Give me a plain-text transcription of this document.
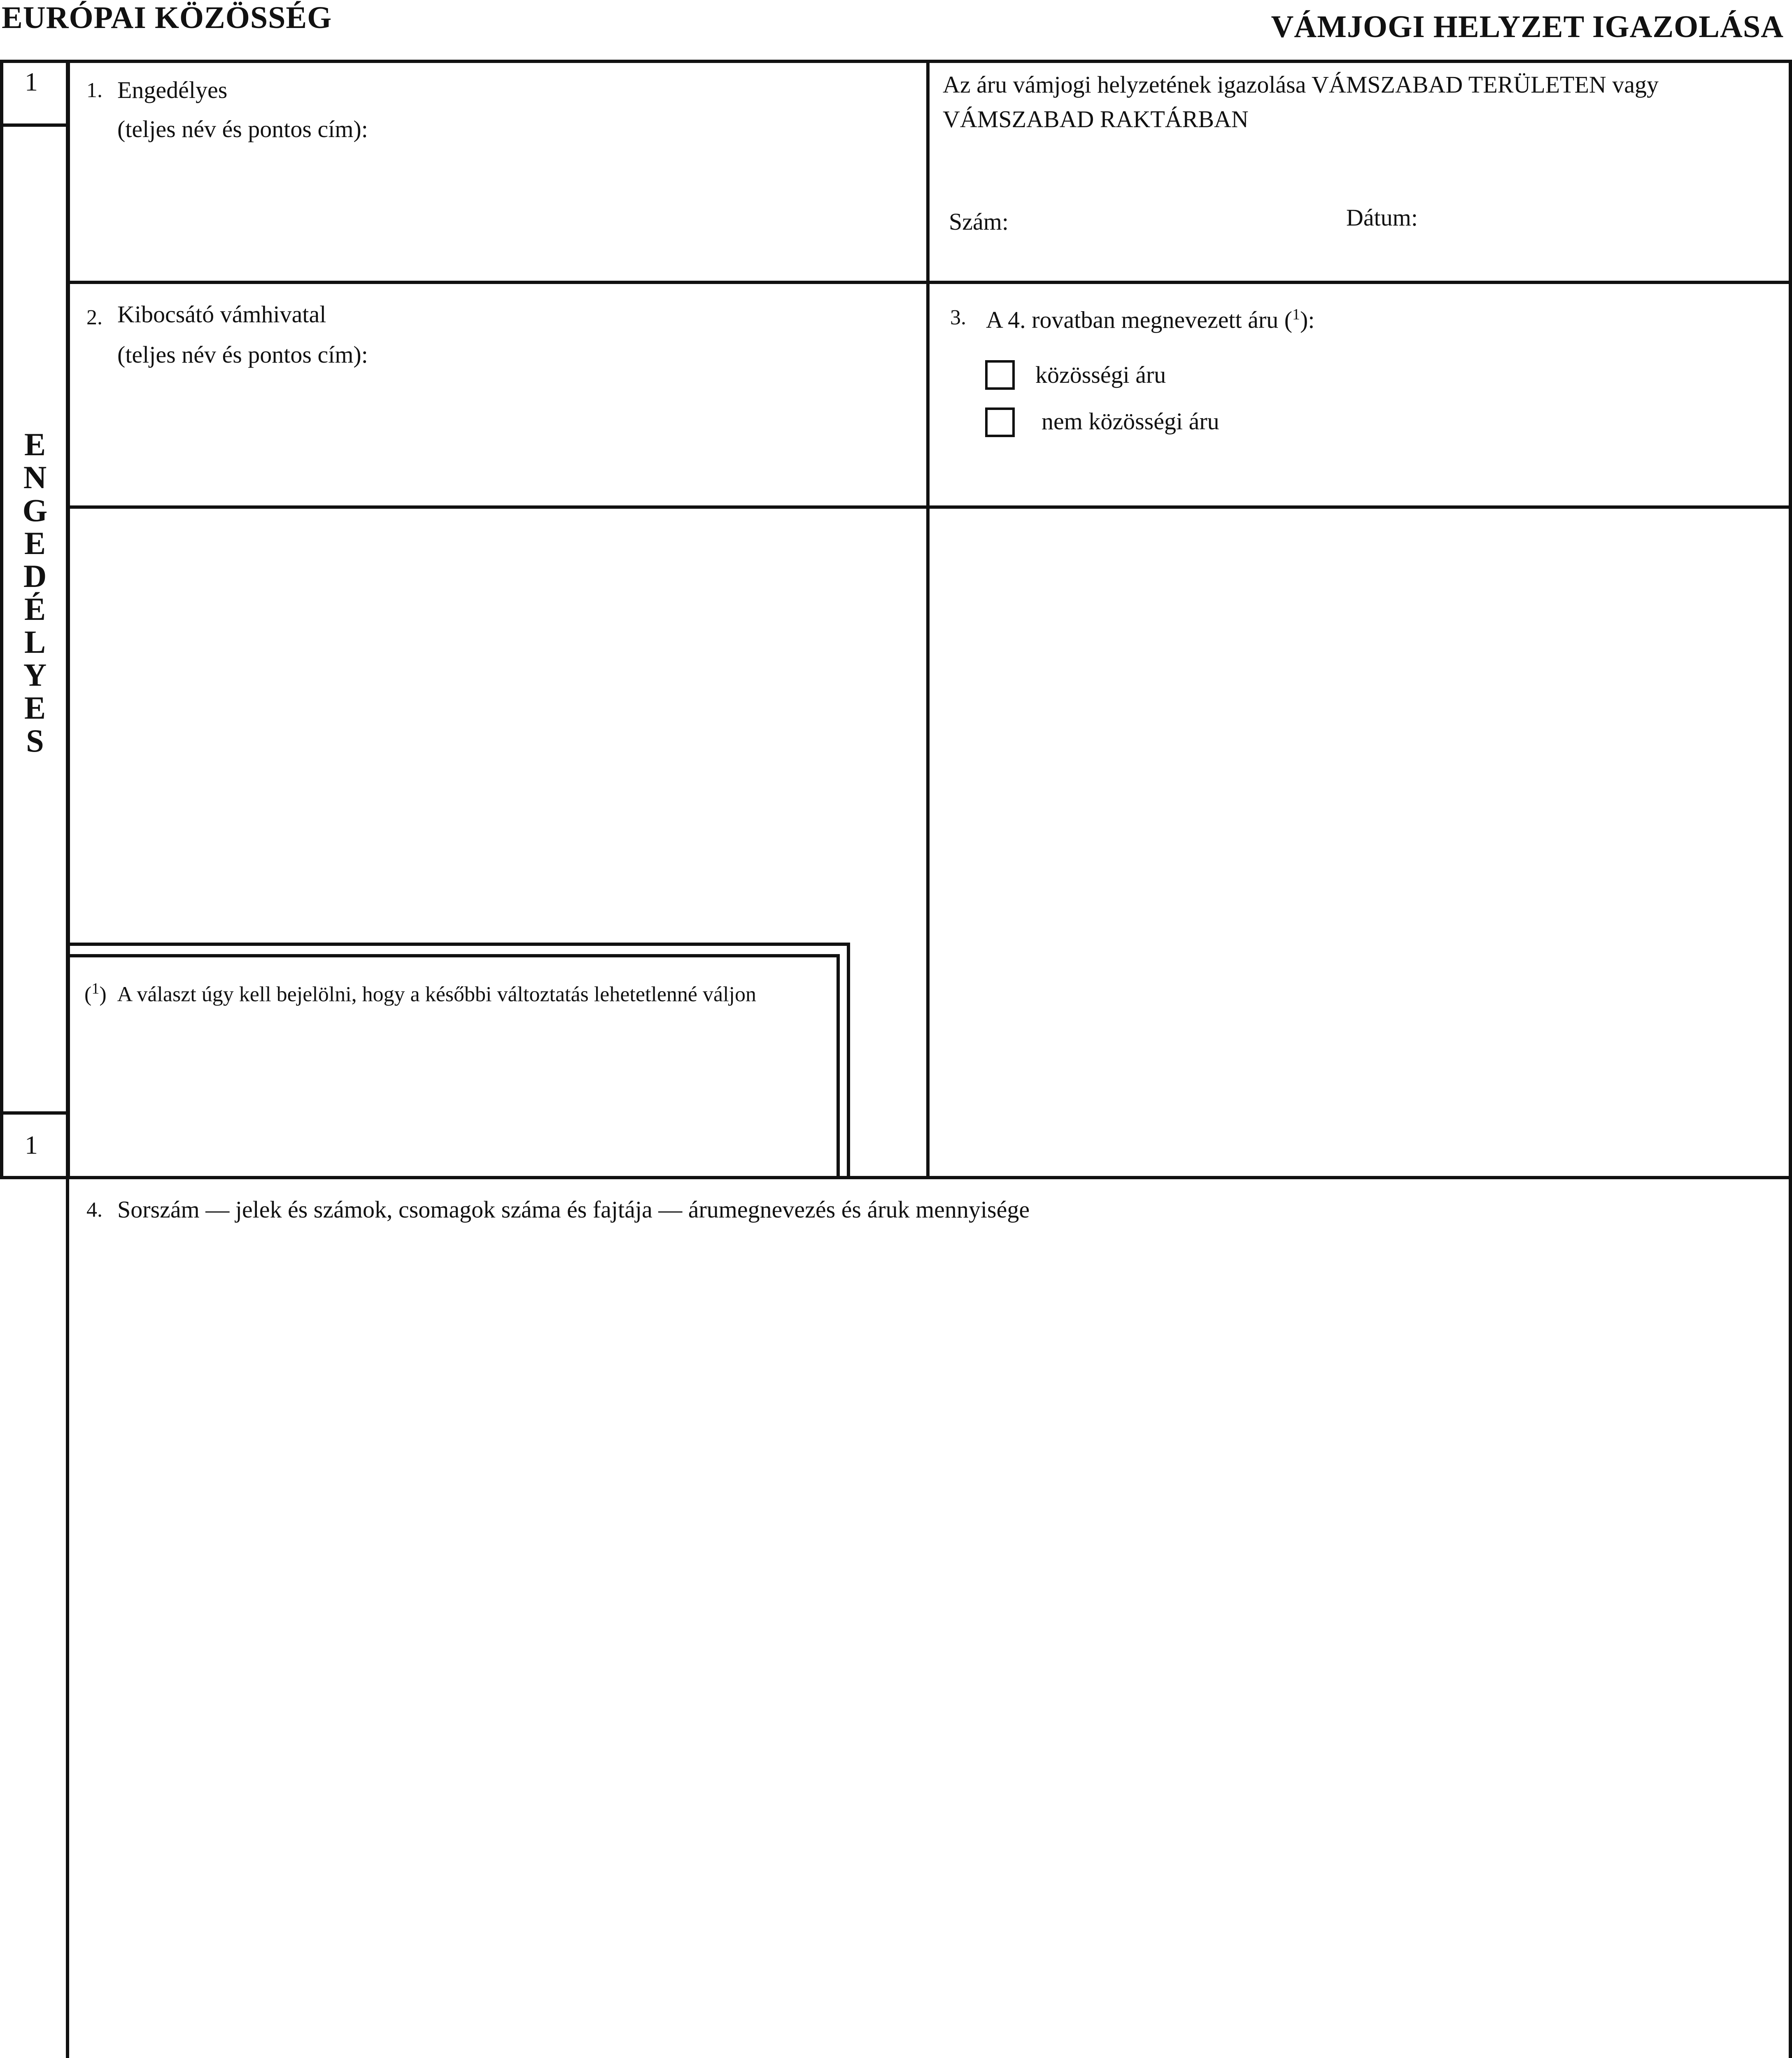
EURÓPAI KÖZÖSSÉG	VÁMJOGI HELYZET IGAZOLÁSA
1
1
E
N
G
E
D
É
L
Y
E
S
1. Engedélyes
(teljes név és pontos cím):
Az áru vámjogi helyzetének igazolása VÁMSZABAD TERÜLETEN vagy
VÁMSZABAD RAKTÁRBAN
Szám:	Dátum:
2. Kibocsátó vámhivatal
(teljes név és pontos cím):
3. A 4. rovatban megnevezett áru ($^1$):
közösségi áru
nem közösségi áru
($^1$) A választ úgy kell bejelölni, hogy a későbbi változtatás lehetetlenné váljon
4. Sorszám — jelek és számok, csomagok száma és fajtája — árumegnevezés és áruk mennyisége
